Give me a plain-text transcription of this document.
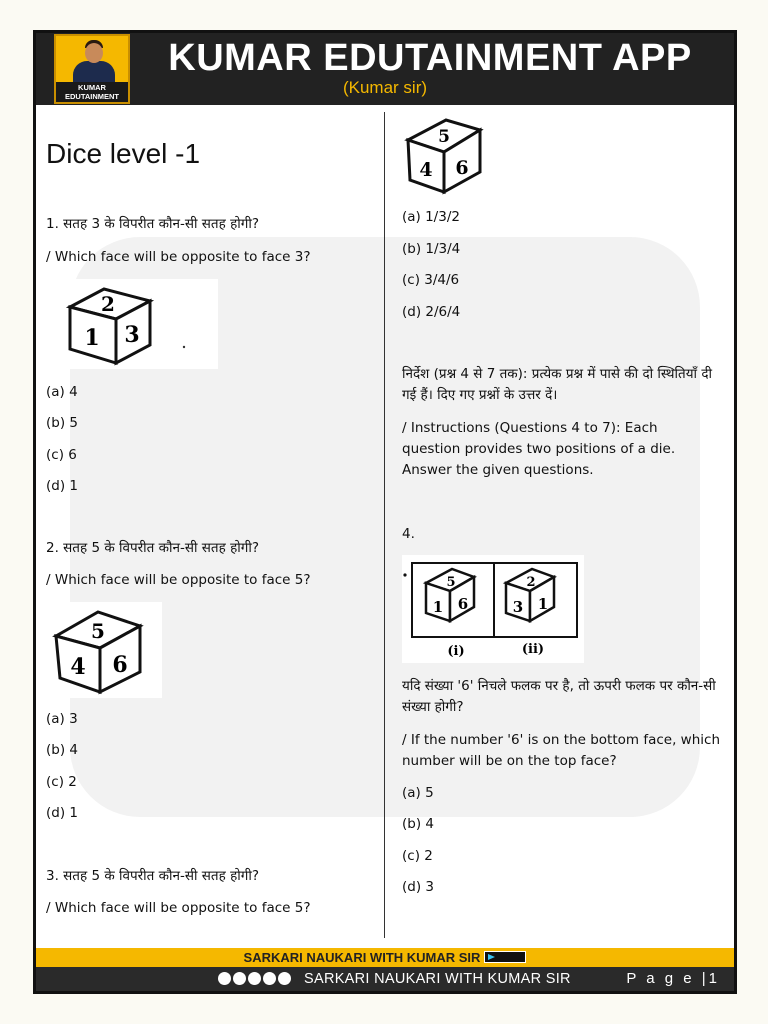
KUMAR
EDUTAINMENT
KUMAR EDUTAINMENT APP
(Kumar sir)
Dice level -1
1. सतह 3 के विपरीत कौन-सी सतह होगी?
/ Which face will be opposite to face 3?
2
1 3
(a) 4
(b) 5
(c) 6
(d) 1
2. सतह 5 के विपरीत कौन-सी सतह होगी?
/ Which face will be opposite to face 5?
5
4 6
(a) 3
(b) 4
(c) 2
(d) 1
3. सतह 5 के विपरीत कौन-सी सतह होगी?
/ Which face will be opposite to face 5?
5
4 6
(a) 1/3/2
(b) 1/3/4
(c) 3/4/6
(d) 2/6/4
निर्देश (प्रश्न 4 से 7 तक): प्रत्येक प्रश्न में पासे की दो स्थितियाँ दी गई हैं। दिए गए प्रश्नों के उत्तर दें।
/ Instructions (Questions 4 to 7): Each question provides two positions of a die. Answer the given questions.
4.
5
1 6
2
3 1
(i)	(ii)
यदि संख्या '6' निचले फलक पर है, तो ऊपरी फलक पर कौन-सी संख्या होगी?
/ If the number '6' is on the bottom face, which number will be on the top face?
(a) 5
(b) 4
(c) 2
(d) 3
SARKARI NAUKARI WITH KUMAR SIR
SARKARI NAUKARI WITH KUMAR SIR	P a g e |1
